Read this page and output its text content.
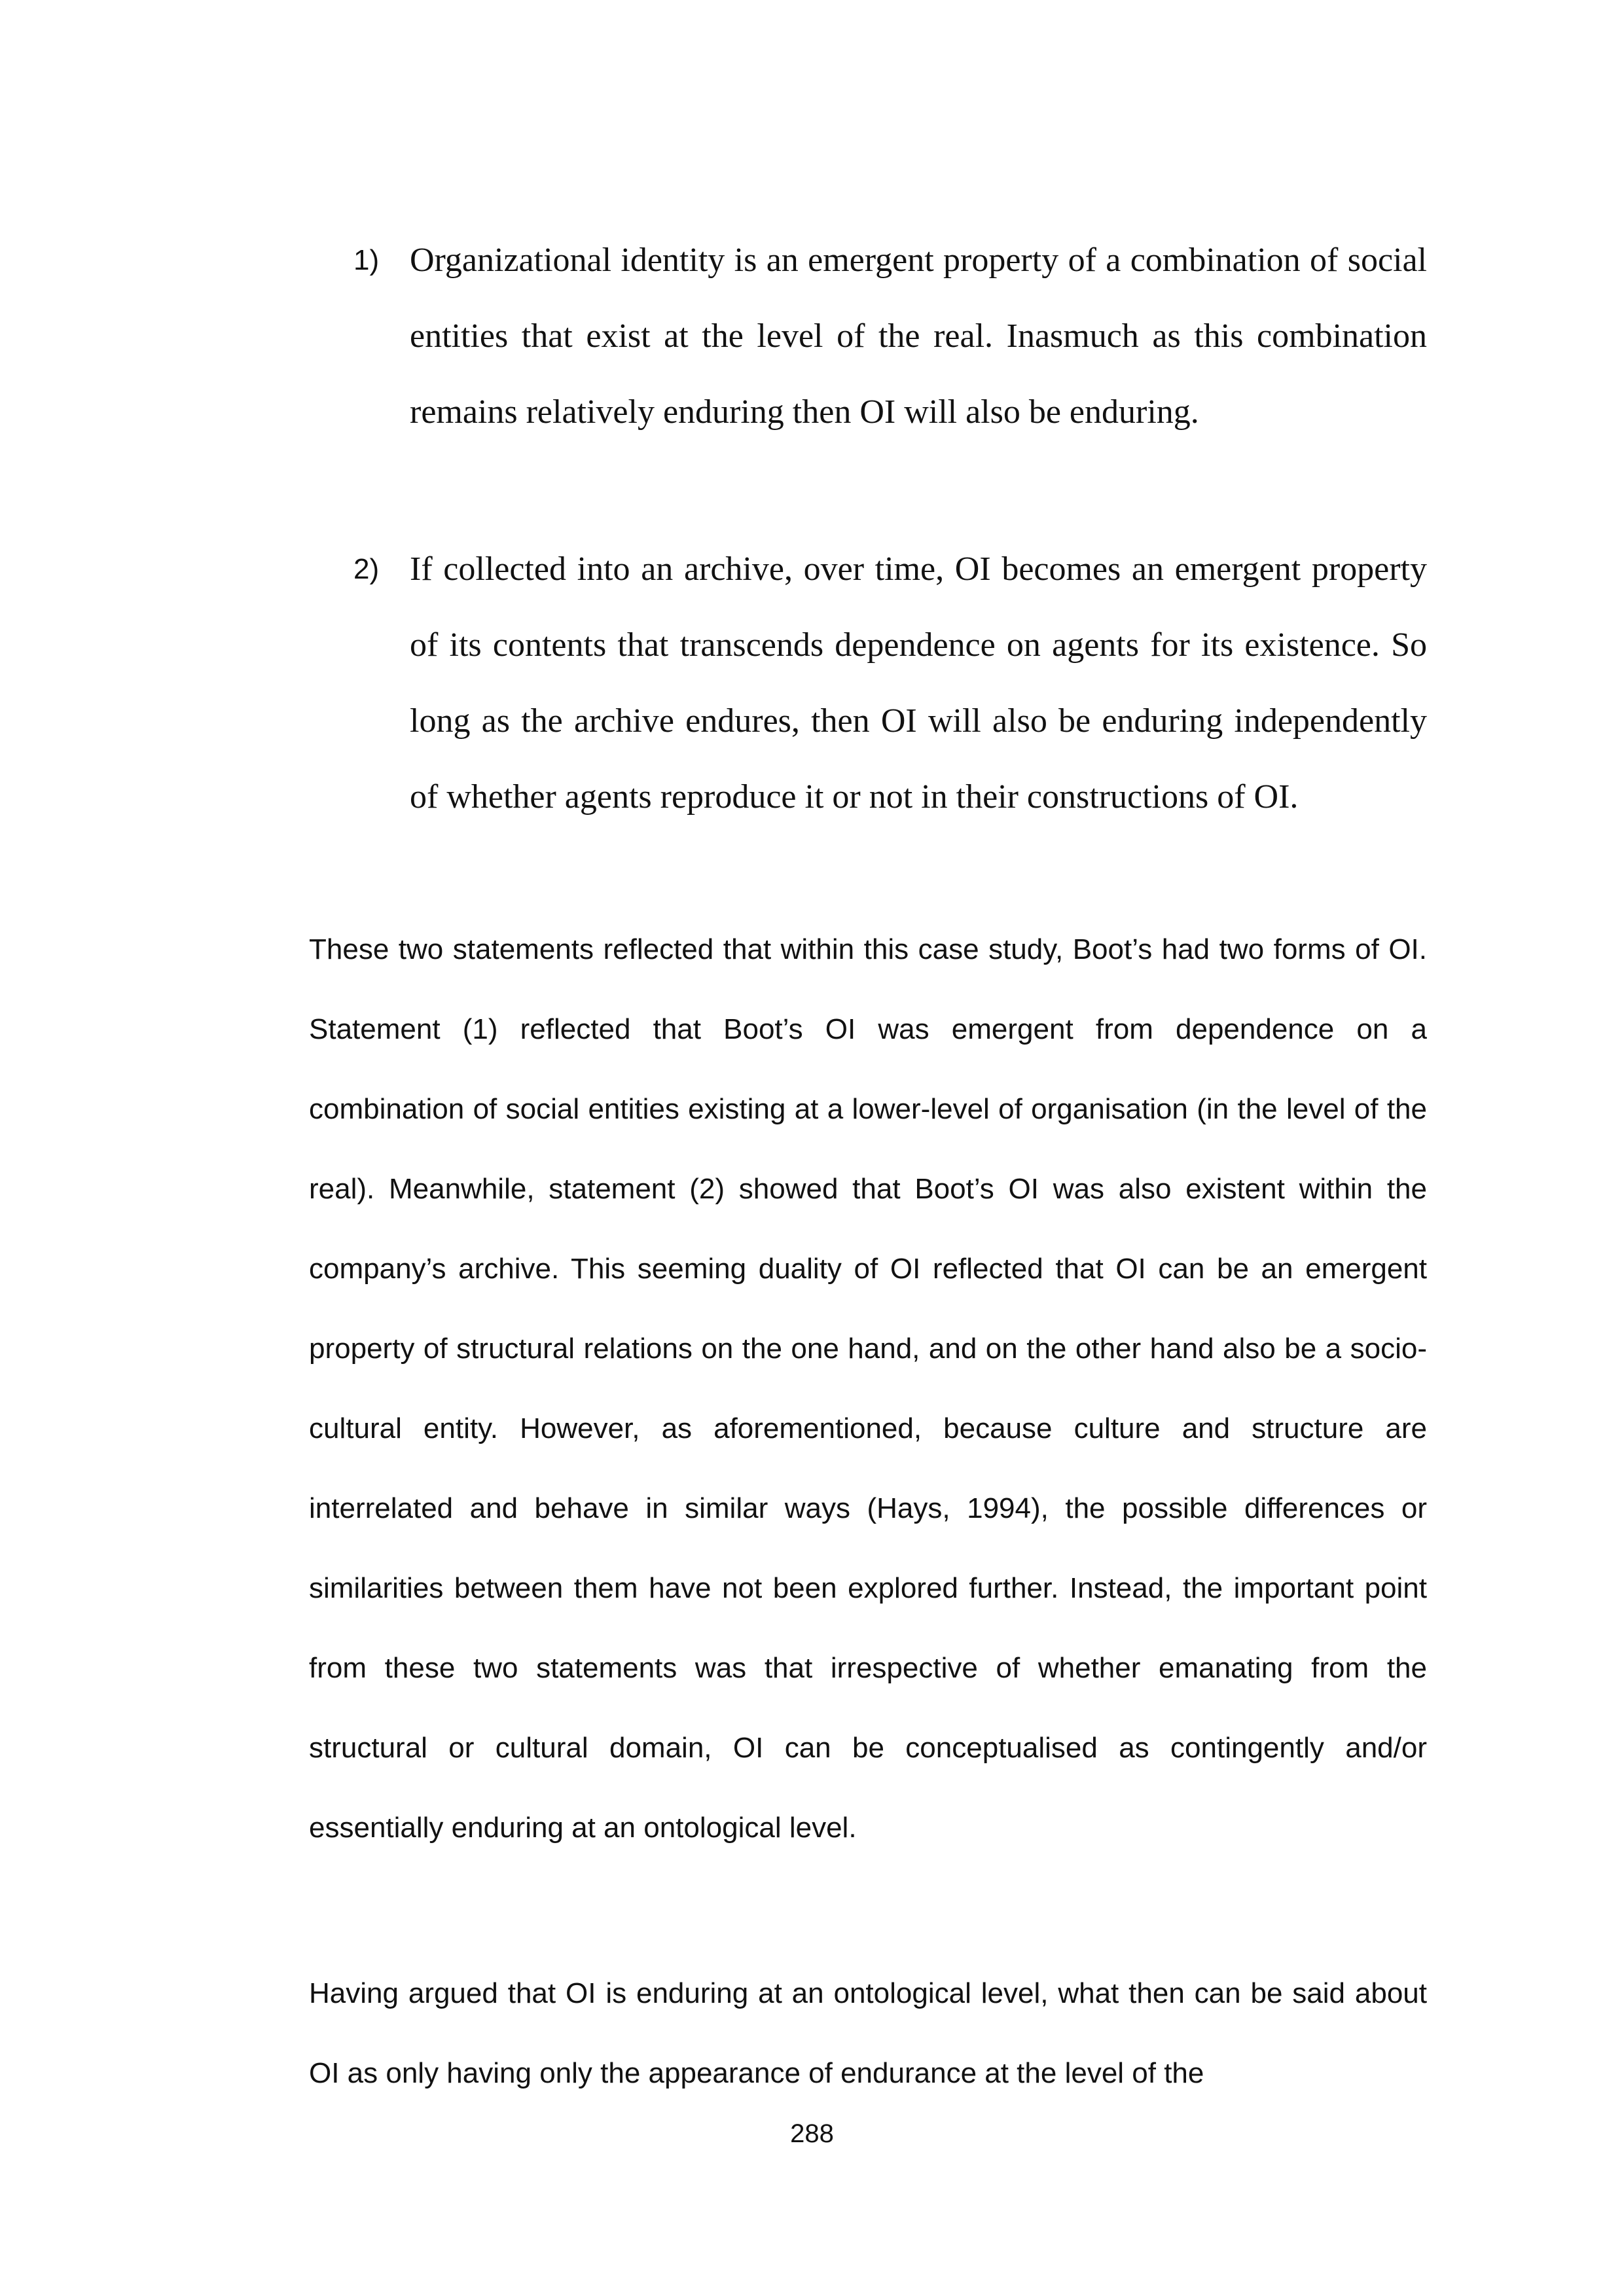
1) Organizational identity is an emergent property of a combination of social entities that exist at the level of the real. Inasmuch as this combination remains relatively enduring then OI will also be enduring.
2) If collected into an archive, over time, OI becomes an emergent property of its contents that transcends dependence on agents for its existence. So long as the archive endures, then OI will also be enduring independently of whether agents reproduce it or not in their constructions of OI.

These two statements reflected that within this case study, Boot’s had two forms of OI. Statement (1) reflected that Boot’s OI was emergent from dependence on a combination of social entities existing at a lower-level of organisation (in the level of the real). Meanwhile, statement (2) showed that Boot’s OI was also existent within the company’s archive. This seeming duality of OI reflected that OI can be an emergent property of structural relations on the one hand, and on the other hand also be a socio-cultural entity. However, as aforementioned, because culture and structure are interrelated and behave in similar ways (Hays, 1994), the possible differences or similarities between them have not been explored further. Instead, the important point from these two statements was that irrespective of whether emanating from the structural or cultural domain, OI can be conceptualised as contingently and/or essentially enduring at an ontological level.

Having argued that OI is enduring at an ontological level, what then can be said about OI as only having only the appearance of endurance at the level of the

288
